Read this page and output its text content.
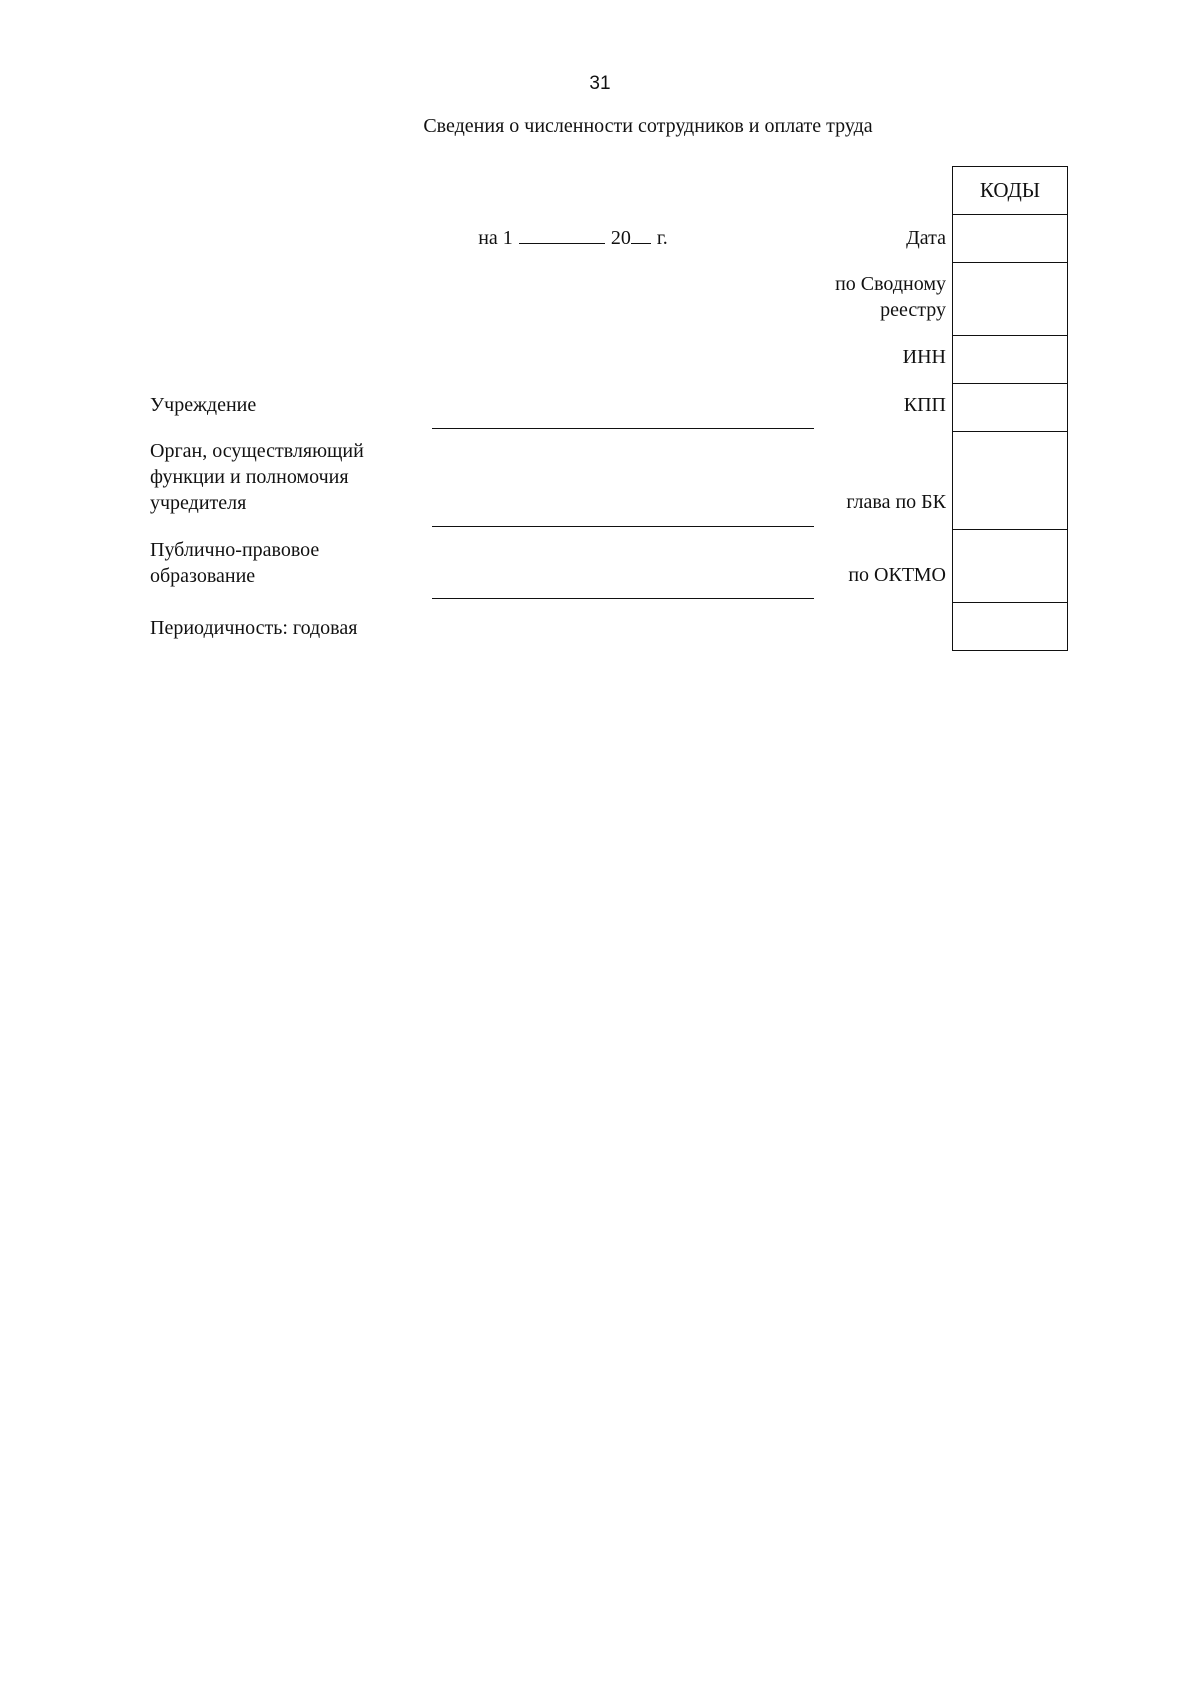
31
Сведения о численности сотрудников и оплате труда
на 1	20 г.
Учреждение
Орган, осуществляющий функции и полномочия учредителя
Публично-правовое образование
Периодичность: годовая
Дата
по Сводному реестру
ИНН
КПП
глава по БК
по ОКТМО
КОДЫ
